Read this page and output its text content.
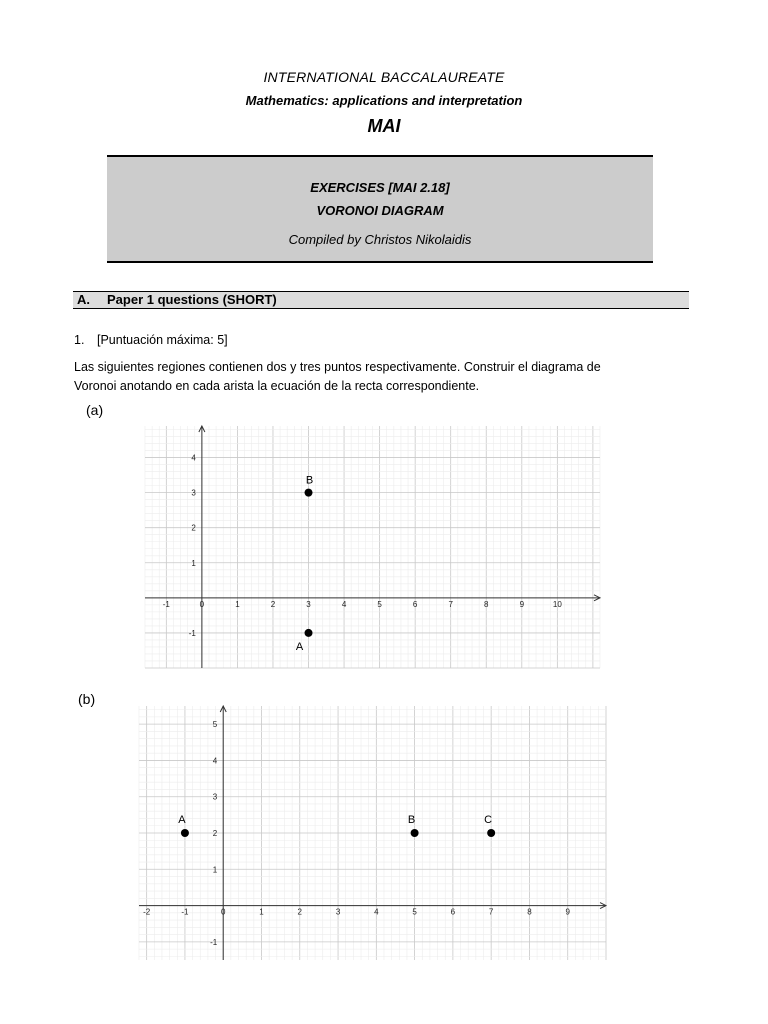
INTERNATIONAL BACCALAUREATE
Mathematics: applications and interpretation
MAI
EXERCISES [MAI 2.18]
VORONOI DIAGRAM
Compiled by Christos Nikolaidis
A. Paper 1 questions (SHORT)
1. [Puntuación máxima: 5]
Las siguientes regiones contienen dos y tres puntos respectivamente. Construir el diagrama de
Voronoi anotando en cada arista la ecuación de la recta correspondiente.
(a)
-1	0	1	2	3	4	5	6	7	8	9	10
-1
1
2
3
4
A
B
(b)
-2	-1	0	1	2	3	4	5	6	7	8	9
-1
1
2
3
4
5
A	B	C
